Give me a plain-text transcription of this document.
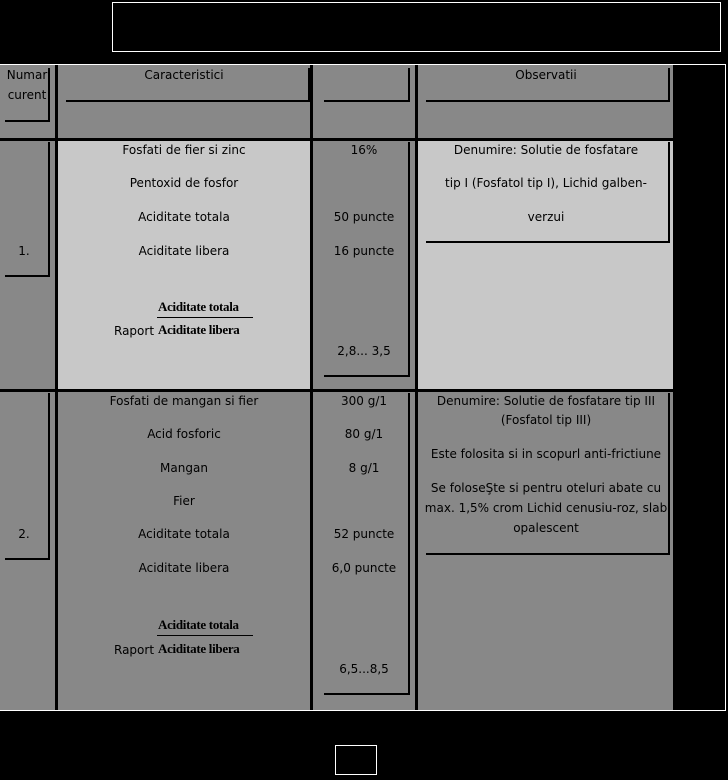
Numar
curent
Caracteristici	Observatii
1.
Fosfati de fier si zinc
Pentoxid de fosfor
Aciditate totala
Aciditate libera
Aciditate totala
Raport Aciditate libera
16%
50 puncte
16 puncte
2,8... 3,5
Denumire: Solutie de fosfatare
tip I (Fosfatol tip I), Lichid galben-
verzui
2.
Fosfati de mangan si fier
Acid fosforic
Mangan
Fier
Aciditate totala
Aciditate libera
Aciditate totala
Raport Aciditate libera
300 g/1
80 g/1
8 g/1
52 puncte
6,0 puncte
6,5...8,5
Denumire: Solutie de fosfatare tip III
(Fosfatol tip III)
Este folosita si in scopurl anti-frictiune
Se foloseŞte si pentru oteluri abate cu
max. 1,5% crom Lichid cenusiu-roz, slab
opalescent
